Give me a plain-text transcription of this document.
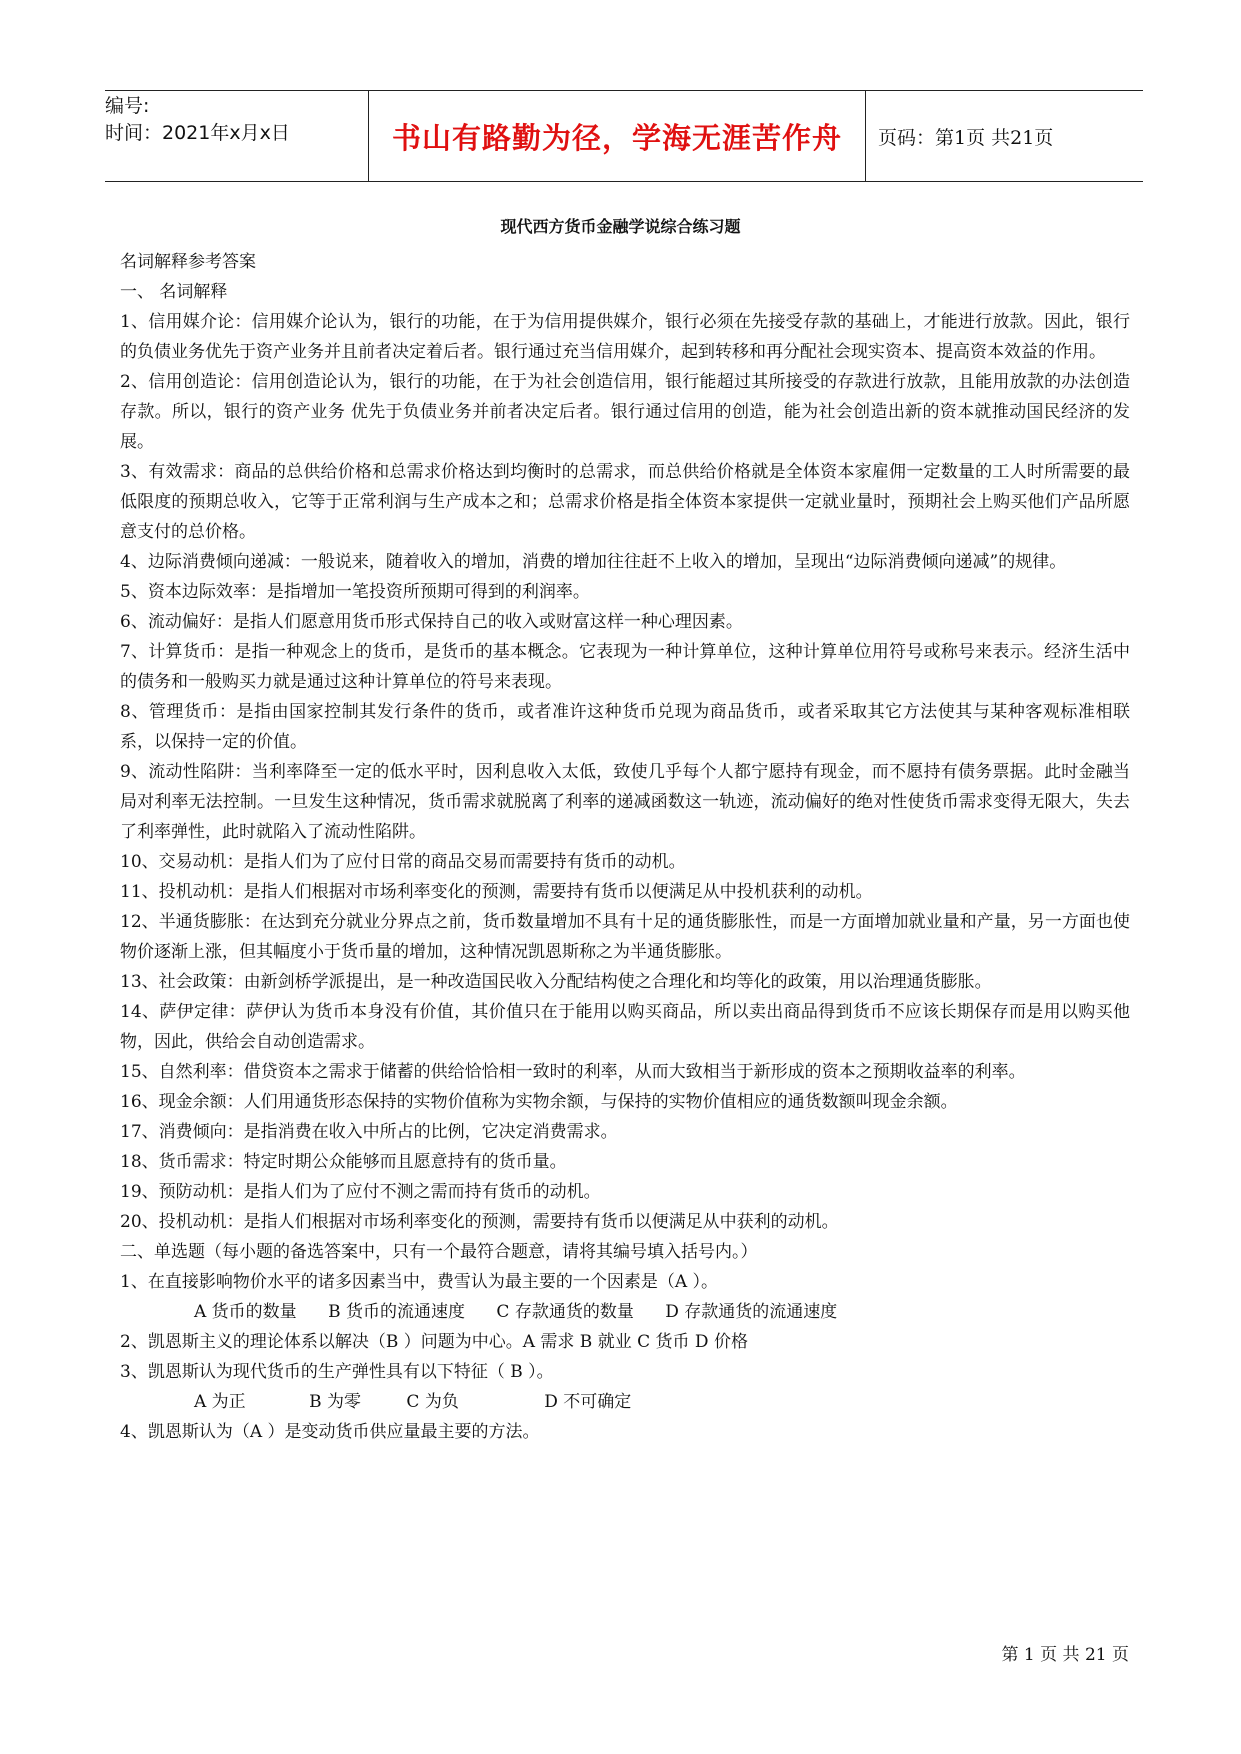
编号:
时间：2021年x月x日	书山有路勤为径，学海无涯苦作舟	页码：第1页 共21页
现代西方货币金融学说综合练习题

名词解释参考答案

一、 名词解释

1、信用媒介论：信用媒介论认为，银行的功能，在于为信用提供媒介，银行必须在先接受存款的基础上，才能进行放款。因此，银行的负债业务优先于资产业务并且前者决定着后者。银行通过充当信用媒介，起到转移和再分配社会现实资本、提高资本效益的作用。

2、信用创造论：信用创造论认为，银行的功能，在于为社会创造信用，银行能超过其所接受的存款进行放款，且能用放款的办法创造存款。所以，银行的资产业务 优先于负债业务并前者决定后者。银行通过信用的创造，能为社会创造出新的资本就推动国民经济的发展。

3、有效需求：商品的总供给价格和总需求价格达到均衡时的总需求，而总供给价格就是全体资本家雇佣一定数量的工人时所需要的最低限度的预期总收入，它等于正常利润与生产成本之和；总需求价格是指全体资本家提供一定就业量时，预期社会上购买他们产品所愿意支付的总价格。

4、边际消费倾向递减：一般说来，随着收入的增加，消费的增加往往赶不上收入的增加，呈现出“边际消费倾向递减”的规律。

5、资本边际效率：是指增加一笔投资所预期可得到的利润率。

6、流动偏好：是指人们愿意用货币形式保持自己的收入或财富这样一种心理因素。

7、计算货币：是指一种观念上的货币，是货币的基本概念。它表现为一种计算单位，这种计算单位用符号或称号来表示。经济生活中的债务和一般购买力就是通过这种计算单位的符号来表现。

8、管理货币：是指由国家控制其发行条件的货币，或者准许这种货币兑现为商品货币，或者采取其它方法使其与某种客观标准相联系，以保持一定的价值。

9、流动性陷阱：当利率降至一定的低水平时，因利息收入太低，致使几乎每个人都宁愿持有现金，而不愿持有债务票据。此时金融当局对利率无法控制。一旦发生这种情况，货币需求就脱离了利率的递减函数这一轨迹，流动偏好的绝对性使货币需求变得无限大，失去了利率弹性，此时就陷入了流动性陷阱。

10、交易动机：是指人们为了应付日常的商品交易而需要持有货币的动机。

11、投机动机：是指人们根据对市场利率变化的预测，需要持有货币以便满足从中投机获利的动机。

12、半通货膨胀：在达到充分就业分界点之前，货币数量增加不具有十足的通货膨胀性，而是一方面增加就业量和产量，另一方面也使物价逐渐上涨，但其幅度小于货币量的增加，这种情况凯恩斯称之为半通货膨胀。

13、社会政策：由新剑桥学派提出，是一种改造国民收入分配结构使之合理化和均等化的政策，用以治理通货膨胀。

14、萨伊定律：萨伊认为货币本身没有价值，其价值只在于能用以购买商品，所以卖出商品得到货币不应该长期保存而是用以购买他物，因此，供给会自动创造需求。

15、自然利率：借贷资本之需求于储蓄的供给恰恰相一致时的利率，从而大致相当于新形成的资本之预期收益率的利率。

16、现金余额：人们用通货形态保持的实物价值称为实物余额，与保持的实物价值相应的通货数额叫现金余额。

17、消费倾向：是指消费在收入中所占的比例，它决定消费需求。

18、货币需求：特定时期公众能够而且愿意持有的货币量。

19、预防动机：是指人们为了应付不测之需而持有货币的动机。

20、投机动机：是指人们根据对市场利率变化的预测，需要持有货币以便满足从中获利的动机。

二、单选题（每小题的备选答案中，只有一个最符合题意，请将其编号填入括号内。）

1、在直接影响物价水平的诸多因素当中，费雪认为最主要的一个因素是（A ）。

A 货币的数量 B 货币的流通速度 C 存款通货的数量 D 存款通货的流通速度

2、凯恩斯主义的理论体系以解决（B ）问题为中心。A 需求 B 就业 C 货币 D 价格

3、凯恩斯认为现代货币的生产弹性具有以下特征（ B ）。

A 为正	B 为零	C 为负	D 不可确定

4、凯恩斯认为（A ）是变动货币供应量最主要的方法。

第 1 页 共 21 页
